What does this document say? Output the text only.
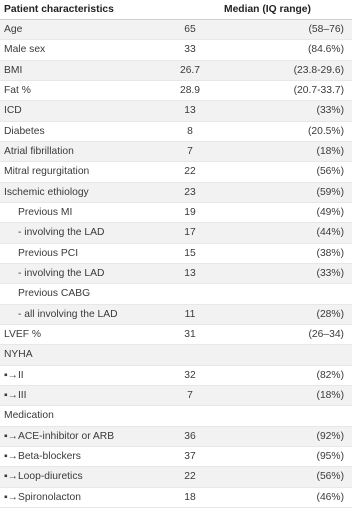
Patient characteristics	Median (IQ range)
Age	65	(58–76)
Male sex	33	(84.6%)
BMI	26.7	(23.8-29.6)
Fat %	28.9	(20.7-33.7)
ICD	13	(33%)
Diabetes	8	(20.5%)
Atrial fibrillation	7	(18%)
Mitral regurgitation	22	(56%)
Ischemic ethiology	23	(59%)
Previous MI	19	(49%)
- involving the LAD	17	(44%)
Previous PCI	15	(38%)
- involving the LAD	13	(33%)
Previous CABG
- all involving the LAD	11	(28%)
LVEF %	31	(26–34)
NYHA
▪→II	32	(82%)
▪→III	7	(18%)
Medication
▪→ACE-inhibitor or ARB	36	(92%)
▪→Beta-blockers	37	(95%)
▪→Loop-diuretics	22	(56%)
▪→Spironolacton	18	(46%)
